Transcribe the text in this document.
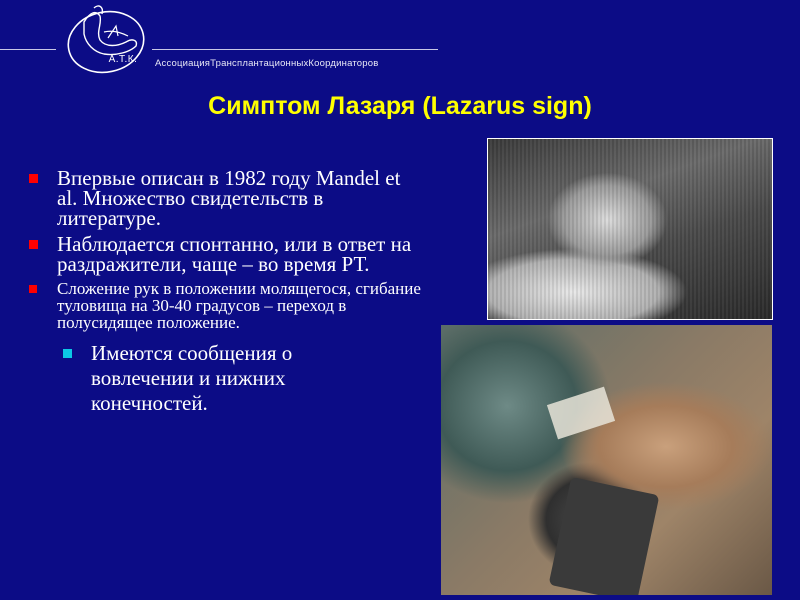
А.Т.К.	АссоциацияТрансплантационныхКоординаторов
Симптом Лазаря (Lazarus sign)
Впервые описан в 1982 году Mandel et al. Множество свидетельств в литературе.
Наблюдается спонтанно, или в ответ на раздражители, чаще – во время РТ.
Сложение рук в положении молящегося, сгибание туловища на 30-40 градусов – переход в полусидящее положение.
Имеются сообщения о вовлечении и нижних конечностей.
